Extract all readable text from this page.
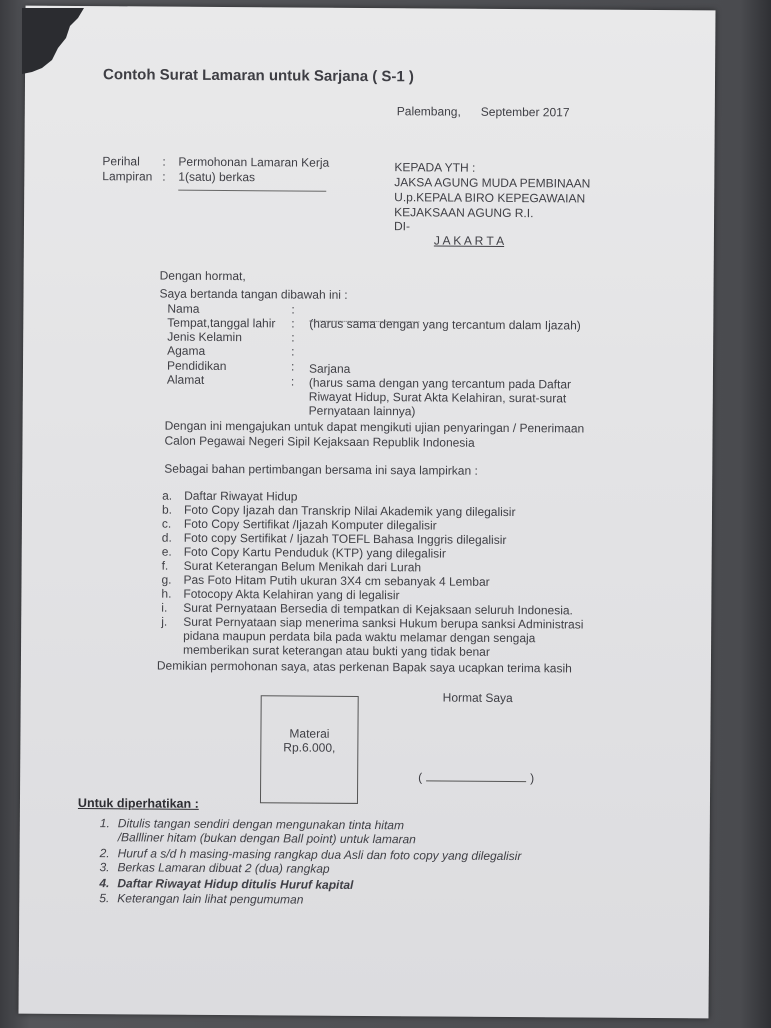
Contoh Surat Lamaran untuk Sarjana ( S-1 )
Palembang, September 2017
Perihal : Permohonan Lamaran Kerja
Lampiran : 1(satu) berkas
KEPADA YTH :
JAKSA AGUNG MUDA PEMBINAAN
U.p.KEPALA BIRO KEPEGAWAIAN
KEJAKSAAN AGUNG R.I.
DI-
J A K A R T A
Dengan hormat,
Saya bertanda tangan dibawah ini :
Nama	:
Tempat,tanggal lahir : (harus sama dengan yang tercantum dalam Ijazah)
Jenis Kelamin	:
Agama	:
Pendidikan	: Sarjana
Alamat	: (harus sama dengan yang tercantum pada Daftar
Riwayat Hidup, Surat Akta Kelahiran, surat-surat
Pernyataan lainnya)
Dengan ini mengajukan untuk dapat mengikuti ujian penyaringan / Penerimaan
Calon Pegawai Negeri Sipil Kejaksaan Republik Indonesia
Sebagai bahan pertimbangan bersama ini saya lampirkan :
a. Daftar Riwayat Hidup
b. Foto Copy Ijazah dan Transkrip Nilai Akademik yang dilegalisir
c. Foto Copy Sertifikat /Ijazah Komputer dilegalisir
d. Foto copy Sertifikat / Ijazah TOEFL Bahasa Inggris dilegalisir
e. Foto Copy Kartu Penduduk (KTP) yang dilegalisir
f. Surat Keterangan Belum Menikah dari Lurah
g. Pas Foto Hitam Putih ukuran 3X4 cm sebanyak 4 Lembar
h. Fotocopy Akta Kelahiran yang di legalisir
i. Surat Pernyataan Bersedia di tempatkan di Kejaksaan seluruh Indonesia.
j. Surat Pernyataan siap menerima sanksi Hukum berupa sanksi Administrasi
pidana maupun perdata bila pada waktu melamar dengan sengaja
memberikan surat keterangan atau bukti yang tidak benar
Demikian permohonan saya, atas perkenan Bapak saya ucapkan terima kasih
Hormat Saya
Materai
Rp.6.000,
(	)
Untuk diperhatikan :
1. Ditulis tangan sendiri dengan mengunakan tinta hitam
/Ballliner hitam (bukan dengan Ball point) untuk lamaran
2. Huruf a s/d h masing-masing rangkap dua Asli dan foto copy yang dilegalisir
3. Berkas Lamaran dibuat 2 (dua) rangkap
4. Daftar Riwayat Hidup ditulis Huruf kapital
5. Keterangan lain lihat pengumuman
